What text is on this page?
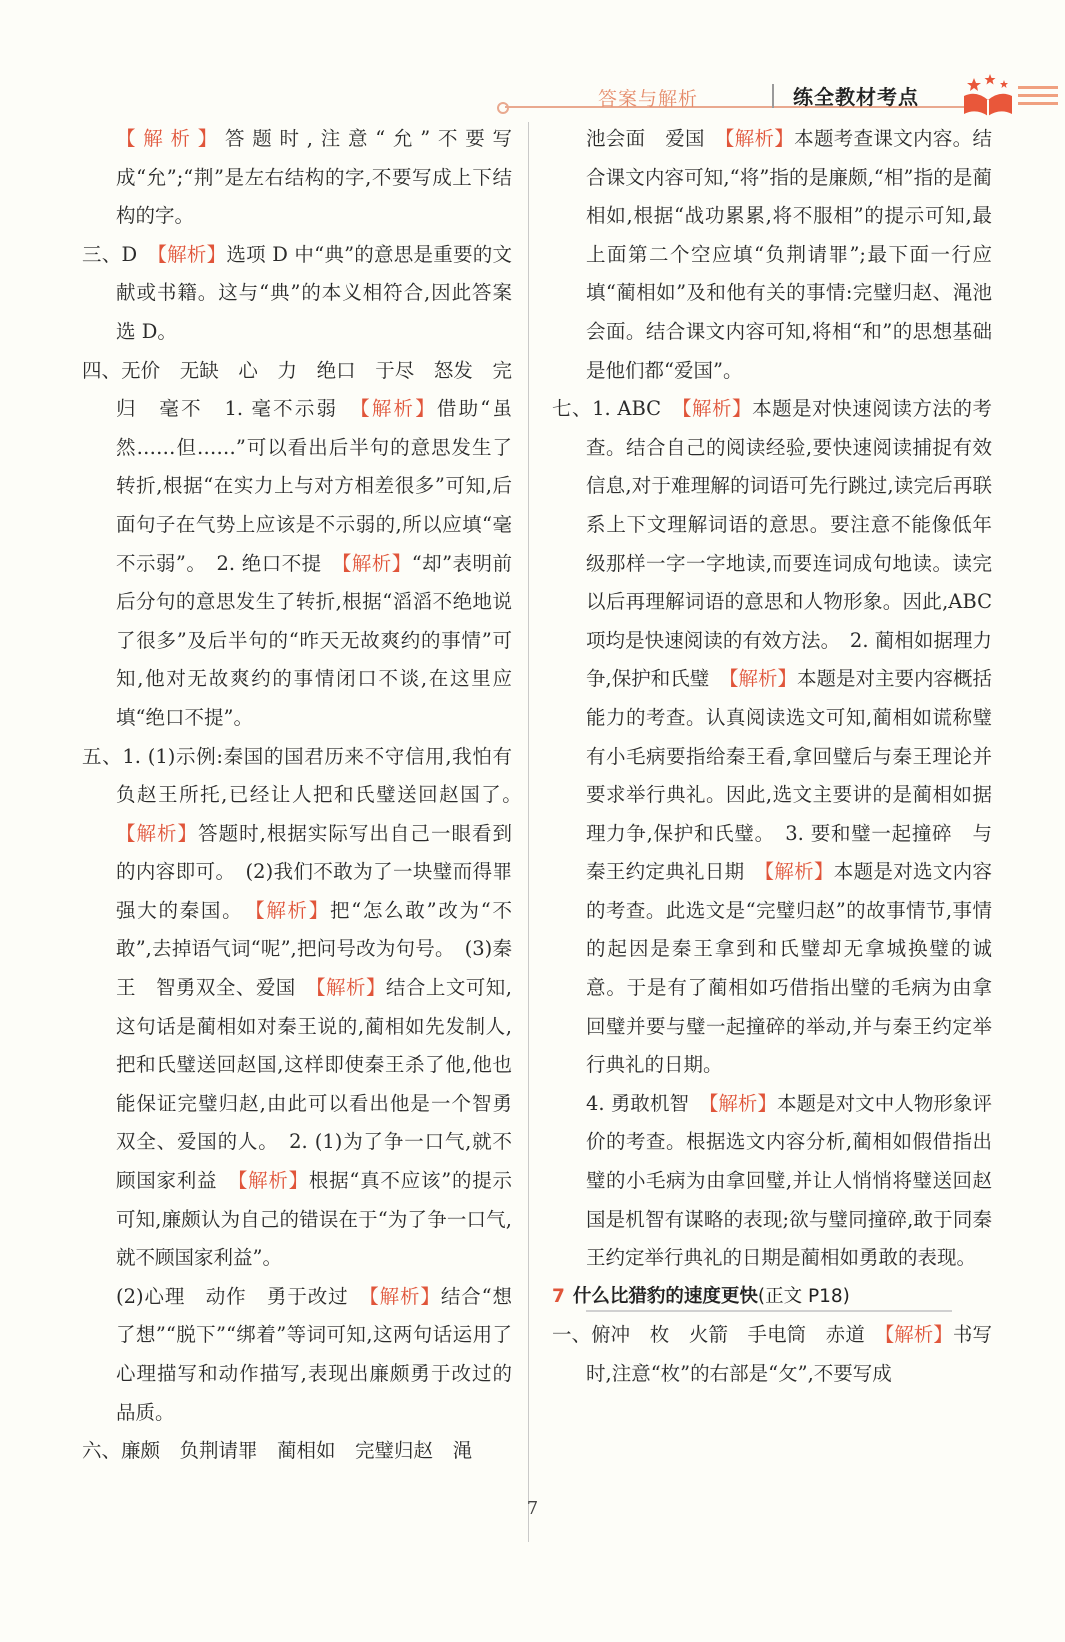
答案与解析	练全教材考点

【解析】答题时,注意“允”不要写成“允”;“荆”是左右结构的字,不要写成上下结构的字。

三、D　【解析】选项 D 中“典”的意思是重要的文献或书籍。这与“典”的本义相符合,因此答案选 D。

四、无价　无缺　心　力　绝口　于尽　怒发　完　归　毫不　1. 毫不示弱　【解析】借助“虽然……但……”可以看出后半句的意思发生了转折,根据“在实力上与对方相差很多”可知,后面句子在气势上应该是不示弱的,所以应填“毫不示弱”。　2. 绝口不提　【解析】“却”表明前后分句的意思发生了转折,根据“滔滔不绝地说了很多”及后半句的“昨天无故爽约的事情”可知,他对无故爽约的事情闭口不谈,在这里应填“绝口不提”。

五、1. (1)示例:秦国的国君历来不守信用,我怕有负赵王所托,已经让人把和氏璧送回赵国了。　【解析】答题时,根据实际写出自己一眼看到的内容即可。　(2)我们不敢为了一块璧而得罪强大的秦国。　【解析】把“怎么敢”改为“不敢”,去掉语气词“呢”,把问号改为句号。　(3)秦王　智勇双全、爱国　【解析】结合上文可知,这句话是蔺相如对秦王说的,蔺相如先发制人,把和氏璧送回赵国,这样即使秦王杀了他,他也能保证完璧归赵,由此可以看出他是一个智勇双全、爱国的人。　2. (1)为了争一口气,就不顾国家利益　【解析】根据“真不应该”的提示可知,廉颇认为自己的错误在于“为了争一口气,就不顾国家利益”。

(2)心理　动作　勇于改过　【解析】结合“想了想”“脱下”“绑着”等词可知,这两句话运用了心理描写和动作描写,表现出廉颇勇于改过的品质。

六、廉颇　负荆请罪　蔺相如　完璧归赵　渑

池会面　爱国　【解析】本题考查课文内容。结合课文内容可知,“将”指的是廉颇,“相”指的是蔺相如,根据“战功累累,将不服相”的提示可知,最上面第二个空应填“负荆请罪”;最下面一行应填“蔺相如”及和他有关的事情:完璧归赵、渑池会面。结合课文内容可知,将相“和”的思想基础是他们都“爱国”。

七、1. ABC　【解析】本题是对快速阅读方法的考查。结合自己的阅读经验,要快速阅读捕捉有效信息,对于难理解的词语可先行跳过,读完后再联系上下文理解词语的意思。要注意不能像低年级那样一字一字地读,而要连词成句地读。读完以后再理解词语的意思和人物形象。因此,ABC 项均是快速阅读的有效方法。　2. 蔺相如据理力争,保护和氏璧　【解析】本题是对主要内容概括能力的考查。认真阅读选文可知,蔺相如谎称璧有小毛病要指给秦王看,拿回璧后与秦王理论并要求举行典礼。因此,选文主要讲的是蔺相如据理力争,保护和氏璧。　3. 要和璧一起撞碎　与秦王约定典礼日期　【解析】本题是对选文内容的考查。此选文是“完璧归赵”的故事情节,事情的起因是秦王拿到和氏璧却无拿城换璧的诚意。于是有了蔺相如巧借指出璧的毛病为由拿回璧并要与璧一起撞碎的举动,并与秦王约定举行典礼的日期。

4. 勇敢机智　【解析】本题是对文中人物形象评价的考查。根据选文内容分析,蔺相如假借指出璧的小毛病为由拿回璧,并让人悄悄将璧送回赵国是机智有谋略的表现;欲与璧同撞碎,敢于同秦王约定举行典礼的日期是蔺相如勇敢的表现。

7 什么比猎豹的速度更快(正文 P18)

一、俯冲　枚　火箭　手电筒　赤道　【解析】书写时,注意“枚”的右部是“攵”,不要写成

7
